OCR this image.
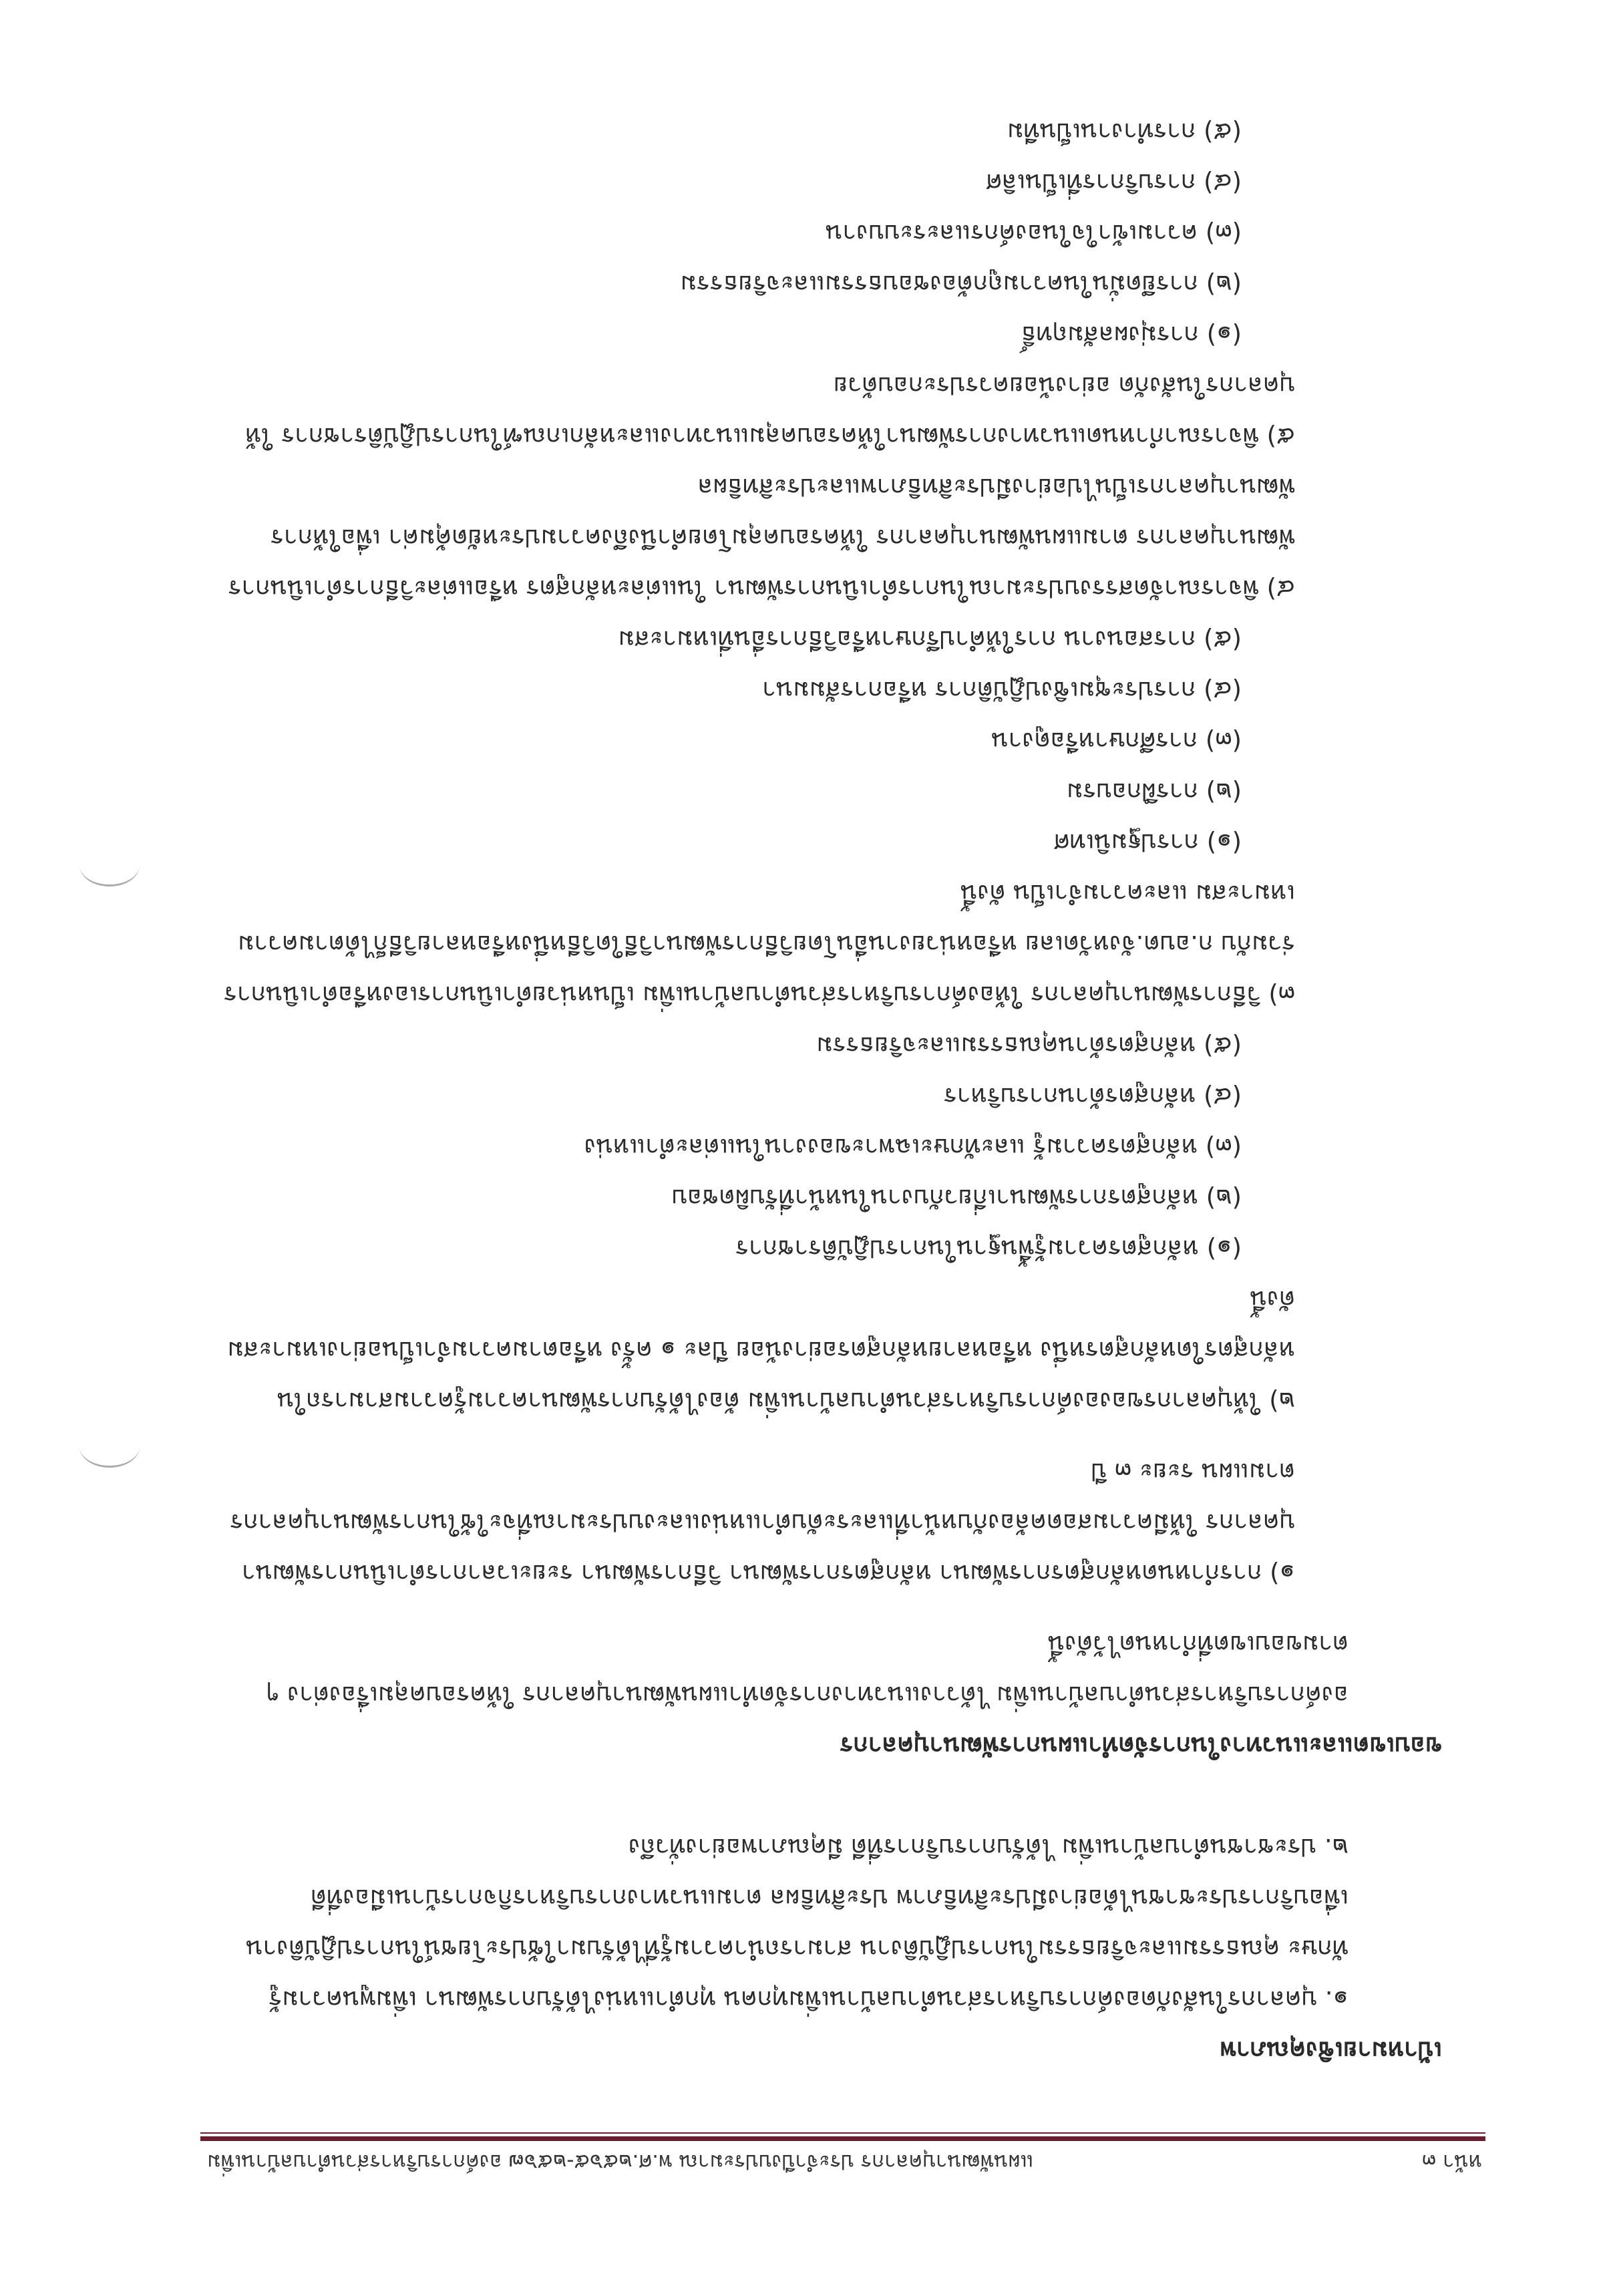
หน้า ๓
แผนพัฒนาบุคลากร ประจำปีงบประมาณ พ.ศ.๒๕๖๕-๒๕๖๗ องค์การบริหารส่วนตำบลบ้านเพิ่ม

เป้าหมายเชิงคุณภาพ

๑. บุคลากรในสังกัดองค์การบริหารส่วนตำบลบ้านเพิ่มทุกคน ทุกตำแหน่งได้รับการพัฒนา เพิ่มพูนความรู้ ทักษะ คุณธรรมและจริยธรรมในการปฏิบัติงาน สามารถนำความรู้ที่ได้รับมาใช้ประโยชน์ในการปฏิบัติงานเพื่อบริการประชาชนได้อย่างมีประสิทธิภาพ ประสิทธิผล ตามแนวทางการบริหารกิจการบ้านเมืองที่ดี

๒. ประชาชนตำบลบ้านเพิ่ม ได้รับการบริการที่ดี มีคุณภาพอย่างทั่วถึง

ขอบเขตและแนวทางในการจัดทำแผนการพัฒนาบุคลากร

องค์การบริหารส่วนตำบลบ้านเพิ่ม ได้วางแนวทางการจัดทำแผนพัฒนาบุคลากร ให้ครอบคลุมเรื่องต่าง ๆ ตามขอบเขตที่กำหนดไว้ดังนี้

๑) การกำหนดหลักสูตรการพัฒนา หลักสูตรการพัฒนา วิธีการพัฒนา ระยะเวลาการดำเนินการพัฒนาบุคลากร ให้มีความสอดคล้องกับหน้าที่และระดับตำแหน่งและงบประมาณที่จะใช้ในการพัฒนาบุคลากรตามแผน ระยะ ๓ ปี

๒) ให้บุคลากรขององค์การบริหารส่วนตำบลบ้านเพิ่ม ต้องได้รับการพัฒนาความรู้ความสามารถในหลักสูตรใดหลักสูตรหนึ่ง หรือหลายหลักสูตรอย่างน้อย ปีละ ๑ ครั้ง หรือตามความจำเป็นอย่างเหมาะสม ดังนี้

(๑) หลักสูตรความรู้พื้นฐานในการปฏิบัติราชการ

(๒) หลักสูตรการพัฒนาเกี่ยวกับงานในหน้าที่รับผิดชอบ

(๓) หลักสูตรความรู้ และทักษะเฉพาะของงานในแต่ละตำแหน่ง

(๔) หลักสูตรด้านการบริหาร

(๕) หลักสูตรด้านคุณธรรมและจริยธรรม

๓) วิธีการพัฒนาบุคลากร ให้องค์การบริหารส่วนตำบลบ้านเพิ่ม เป็นหน่วยดำเนินการเองหรือดำเนินการร่วมกับ ก.อบต.จังหวัดเลย หรือหน่วยงานอื่นโดยวิธีการพัฒนาวิธีใดวิธีหนึ่งหรือหลายวิธีก็ได้ตามความเหมาะสม และความจำเป็น ดังนี้

(๑) การปฐมนิเทศ

(๒) การฝึกอบรม

(๓) การศึกษาหรือดูงาน

(๔) การประชุมเชิงปฏิบัติการ หรือการสัมมนา

(๕) การสอนงาน การให้คำปรึกษาหรือวิธีการอื่นที่เหมาะสม

๔) พิจารณาจัดสรรงบประมาณในการดำเนินการพัฒนา ในแต่ละหลักสูตร หรือแต่ละวิธีการดำเนินการพัฒนาบุคลากร ตามแผนพัฒนาบุคลากร ให้ครอบคลุมโดยคำนึงถึงความประหยัดคุ้มค่า เพื่อให้การพัฒนาบุคลากรเป็นไปอย่างมีประสิทธิภาพและประสิทธิผล

๕) พิจารณากำหนดแนวทางการพัฒนาให้ครอบคลุมแนวทางและหลักเกณฑ์ในการปฏิบัติราชการ ให้บุคลากรในสังกัด อย่างน้อยควรประกอบด้วย

(๑) การมุ่งผลสัมฤทธิ์

(๒) การยึดมั่นในความถูกต้องชอบธรรมและจริยธรรม

(๓) ความเข้าใจในองค์กรและระบบงาน

(๔) การบริการที่เป็นเลิศ

(๕) การทำงานเป็นทีม
